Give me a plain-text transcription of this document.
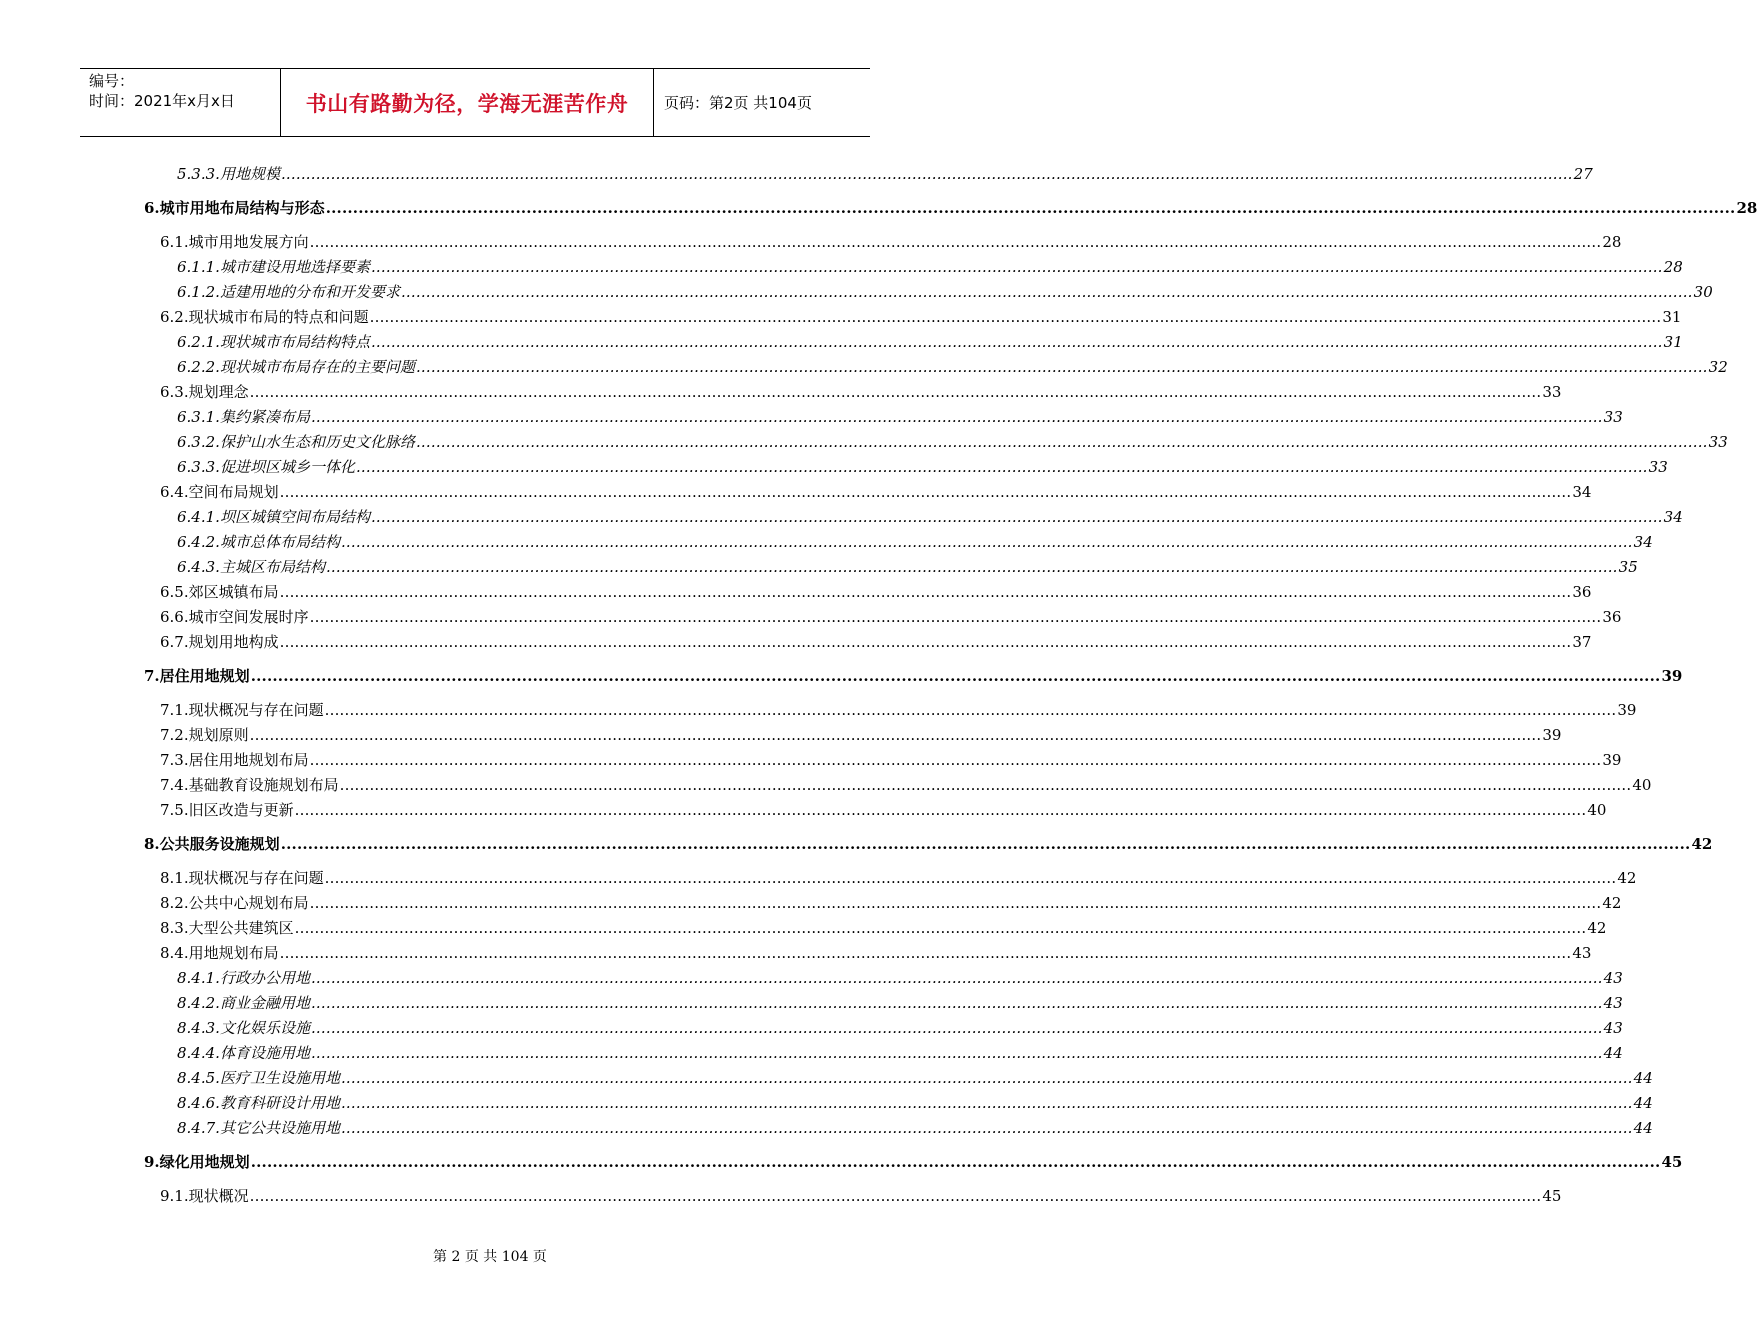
编号：
时间：2021年x月x日	书山有路勤为径，学海无涯苦作舟	页码：第2页 共104页
5.3.3. 用地规模 .................................................................................................................................................................................................................................................................... 27
6. 城市用地布局结构与形态 .................................................................................................................................................................................................................................................................... 28
6.1. 城市用地发展方向 .................................................................................................................................................................................................................................................................... 28
6.1.1. 城市建设用地选择要素 .................................................................................................................................................................................................................................................................... 28
6.1.2. 适建用地的分布和开发要求 .................................................................................................................................................................................................................................................................... 30
6.2. 现状城市布局的特点和问题 .................................................................................................................................................................................................................................................................... 31
6.2.1. 现状城市布局结构特点 .................................................................................................................................................................................................................................................................... 31
6.2.2. 现状城市布局存在的主要问题 .................................................................................................................................................................................................................................................................... 32
6.3. 规划理念 .................................................................................................................................................................................................................................................................... 33
6.3.1. 集约紧凑布局 .................................................................................................................................................................................................................................................................... 33
6.3.2. 保护山水生态和历史文化脉络 .................................................................................................................................................................................................................................................................... 33
6.3.3. 促进坝区城乡一体化 .................................................................................................................................................................................................................................................................... 33
6.4. 空间布局规划 .................................................................................................................................................................................................................................................................... 34
6.4.1. 坝区城镇空间布局结构 .................................................................................................................................................................................................................................................................... 34
6.4.2. 城市总体布局结构 .................................................................................................................................................................................................................................................................... 34
6.4.3. 主城区布局结构 .................................................................................................................................................................................................................................................................... 35
6.5. 郊区城镇布局 .................................................................................................................................................................................................................................................................... 36
6.6. 城市空间发展时序 .................................................................................................................................................................................................................................................................... 36
6.7. 规划用地构成 .................................................................................................................................................................................................................................................................... 37
7. 居住用地规划 .................................................................................................................................................................................................................................................................... 39
7.1. 现状概况与存在问题 .................................................................................................................................................................................................................................................................... 39
7.2. 规划原则 .................................................................................................................................................................................................................................................................... 39
7.3. 居住用地规划布局 .................................................................................................................................................................................................................................................................... 39
7.4. 基础教育设施规划布局 .................................................................................................................................................................................................................................................................... 40
7.5. 旧区改造与更新 .................................................................................................................................................................................................................................................................... 40
8. 公共服务设施规划 .................................................................................................................................................................................................................................................................... 42
8.1. 现状概况与存在问题 .................................................................................................................................................................................................................................................................... 42
8.2. 公共中心规划布局 .................................................................................................................................................................................................................................................................... 42
8.3. 大型公共建筑区 .................................................................................................................................................................................................................................................................... 42
8.4. 用地规划布局 .................................................................................................................................................................................................................................................................... 43
8.4.1. 行政办公用地 .................................................................................................................................................................................................................................................................... 43
8.4.2. 商业金融用地 .................................................................................................................................................................................................................................................................... 43
8.4.3. 文化娱乐设施 .................................................................................................................................................................................................................................................................... 43
8.4.4. 体育设施用地 .................................................................................................................................................................................................................................................................... 44
8.4.5. 医疗卫生设施用地 .................................................................................................................................................................................................................................................................... 44
8.4.6. 教育科研设计用地 .................................................................................................................................................................................................................................................................... 44
8.4.7. 其它公共设施用地 .................................................................................................................................................................................................................................................................... 44
9. 绿化用地规划 .................................................................................................................................................................................................................................................................... 45
9.1. 现状概况 .................................................................................................................................................................................................................................................................... 45
第 2 页 共 104 页
